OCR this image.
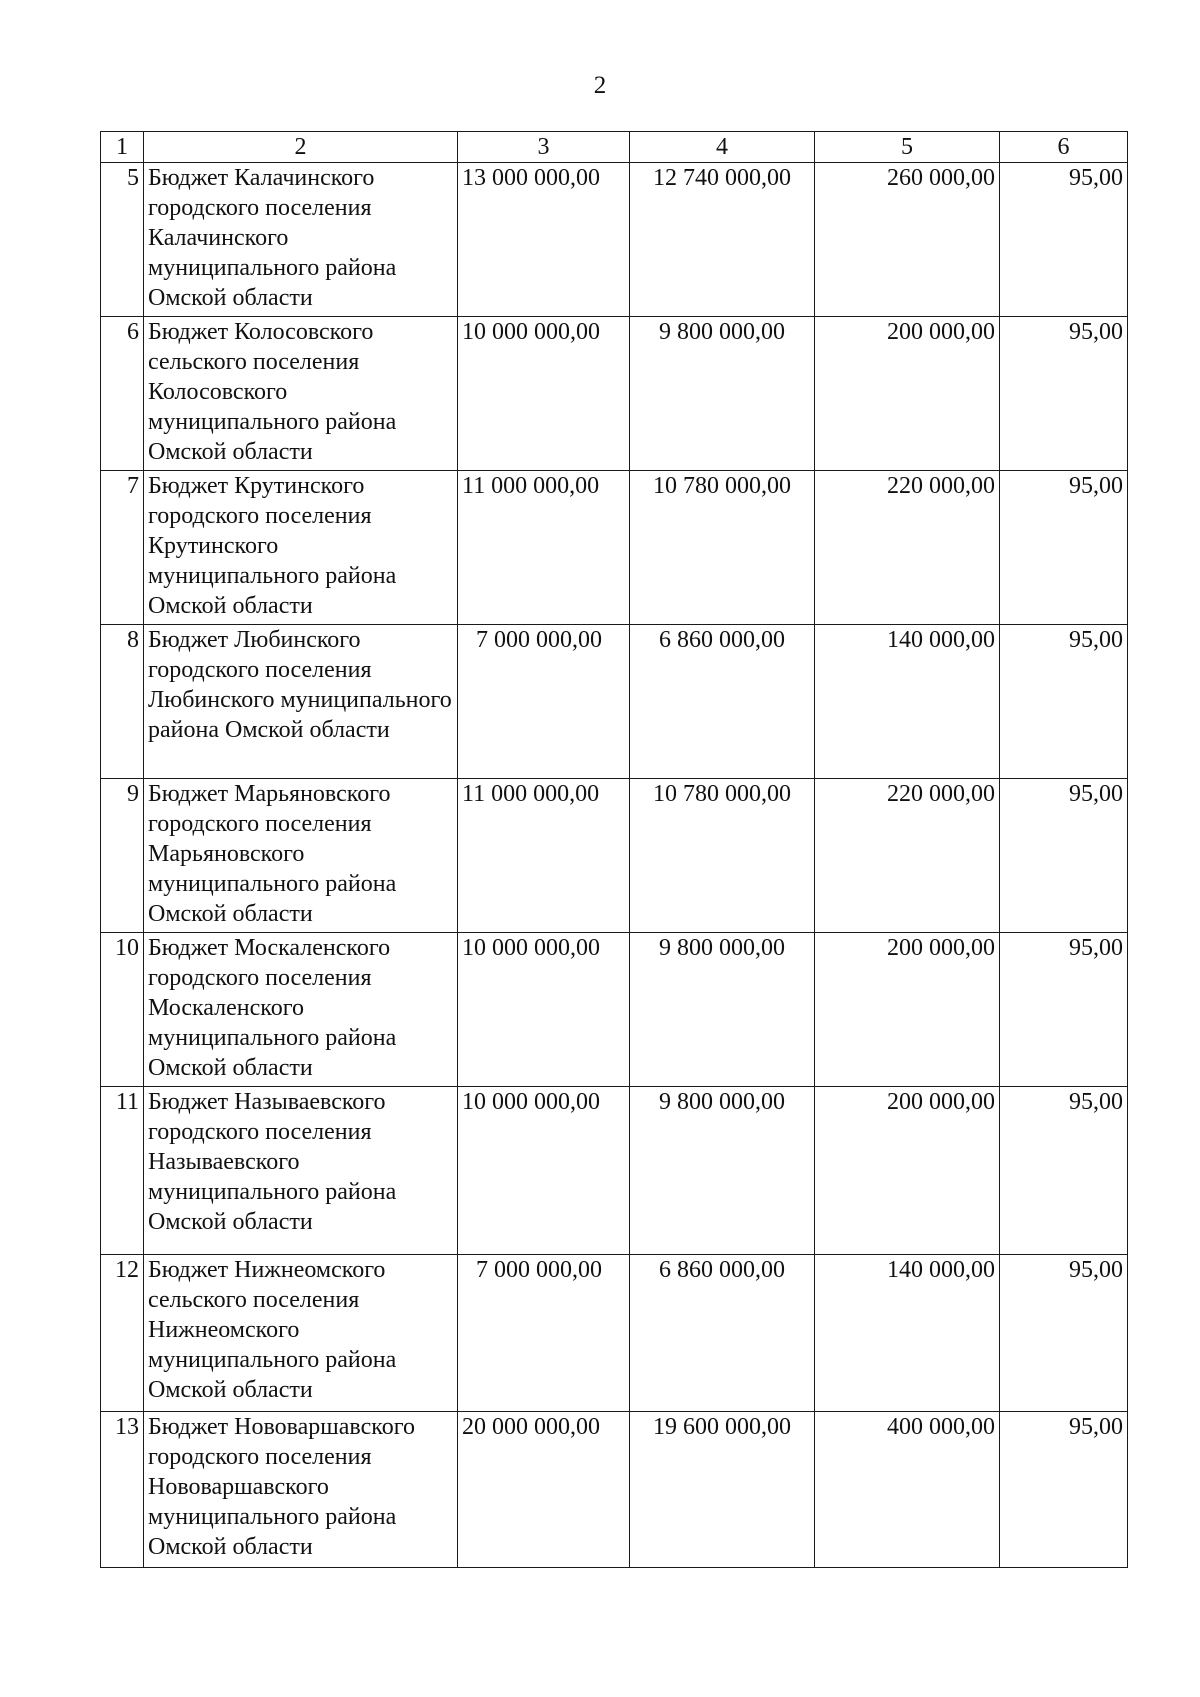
2
1	2	3	4	5	6
5	Бюджет Калачинского городского поселения Калачинского муниципального района Омской области	13 000 000,00	12 740 000,00	260 000,00	95,00
6	Бюджет Колосовского сельского поселения Колосовского муниципального района Омской области	10 000 000,00	9 800 000,00	200 000,00	95,00
7	Бюджет Крутинского городского поселения Крутинского муниципального района Омской области	11 000 000,00	10 780 000,00	220 000,00	95,00
8	Бюджет Любинского городского поселения Любинского муниципального района Омской области	7 000 000,00	6 860 000,00	140 000,00	95,00
9	Бюджет Марьяновского городского поселения Марьяновского муниципального района Омской области	11 000 000,00	10 780 000,00	220 000,00	95,00
10	Бюджет Москаленского городского поселения Москаленского муниципального района Омской области	10 000 000,00	9 800 000,00	200 000,00	95,00
11	Бюджет Называевского городского поселения Называевского муниципального района Омской области	10 000 000,00	9 800 000,00	200 000,00	95,00
12	Бюджет Нижнеомского сельского поселения Нижнеомского муниципального района Омской области	7 000 000,00	6 860 000,00	140 000,00	95,00
13	Бюджет Нововаршавского городского поселения Нововаршавского муниципального района Омской области	20 000 000,00	19 600 000,00	400 000,00	95,00
